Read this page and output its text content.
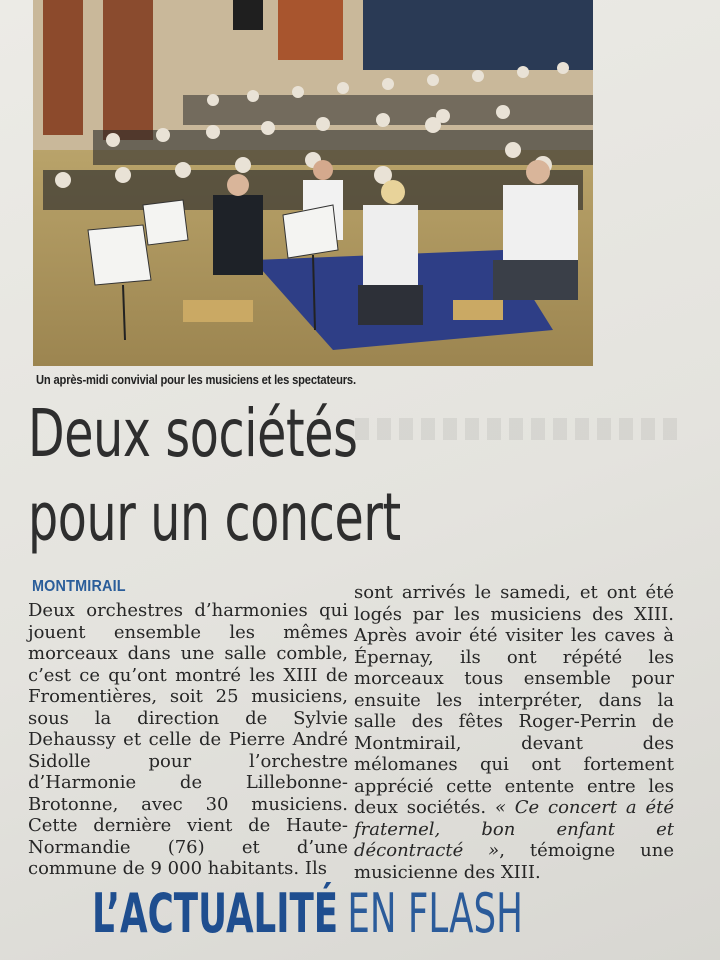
Un après-midi convivial pour les musiciens et les spectateurs.
Deux sociétés
pour un concert
MONTMIRAIL

Deux orchestres d’harmonies qui jouent ensemble les mêmes morceaux dans une salle comble, c’est ce qu’ont montré les XIII de Fromentières, soit 25 musiciens, sous la direction de Sylvie Dehaussy et celle de Pierre André Sidolle pour l’orchestre d’Harmonie de Lillebonne-Brotonne, avec 30 musiciens. Cette dernière vient de Haute-Normandie (76) et d’une commune de 9 000 habitants. Ils

sont arrivés le samedi, et ont été logés par les musiciens des XIII. Après avoir été visiter les caves à Épernay, ils ont répété les morceaux tous ensemble pour ensuite les interpréter, dans la salle des fêtes Roger-Perrin de Montmirail, devant des mélomanes qui ont fortement apprécié cette entente entre les deux sociétés. « Ce concert a été fraternel, bon enfant et décontracté », témoigne une musicienne des XIII.

L’ACTUALITÉ EN FLASH
